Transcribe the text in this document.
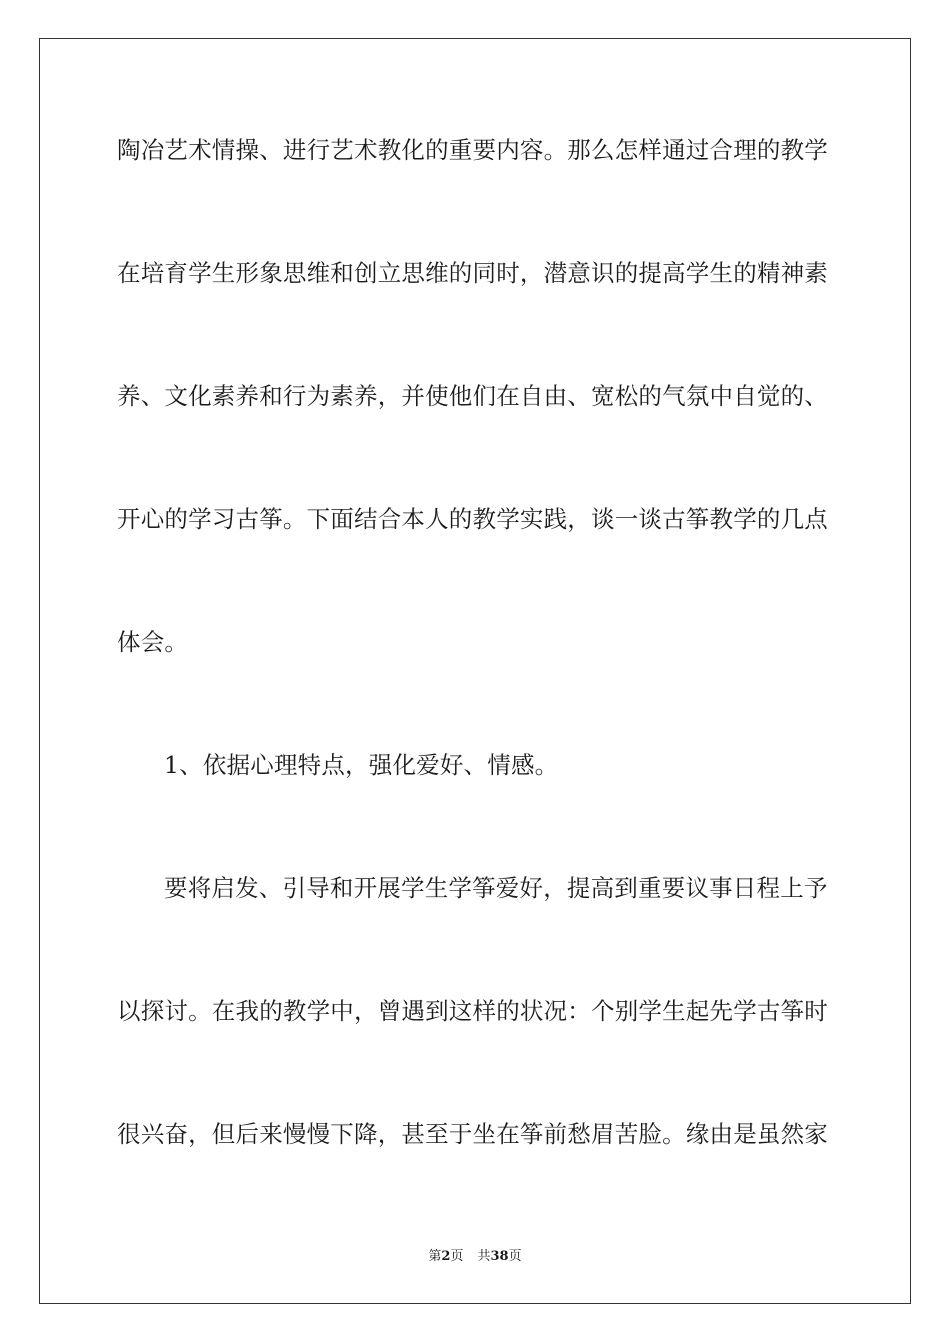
陶冶艺术情操、进行艺术教化的重要内容。那么怎样通过合理的教学
在培育学生形象思维和创立思维的同时，潜意识的提高学生的精神素
养、文化素养和行为素养，并使他们在自由、宽松的气氛中自觉的、
开心的学习古筝。下面结合本人的教学实践，谈一谈古筝教学的几点
体会。
1、依据心理特点，强化爱好、情感。
要将启发、引导和开展学生学筝爱好，提高到重要议事日程上予
以探讨。在我的教学中，曾遇到这样的状况：个别学生起先学古筝时
很兴奋，但后来慢慢下降，甚至于坐在筝前愁眉苦脸。缘由是虽然家
第2页 共38页
